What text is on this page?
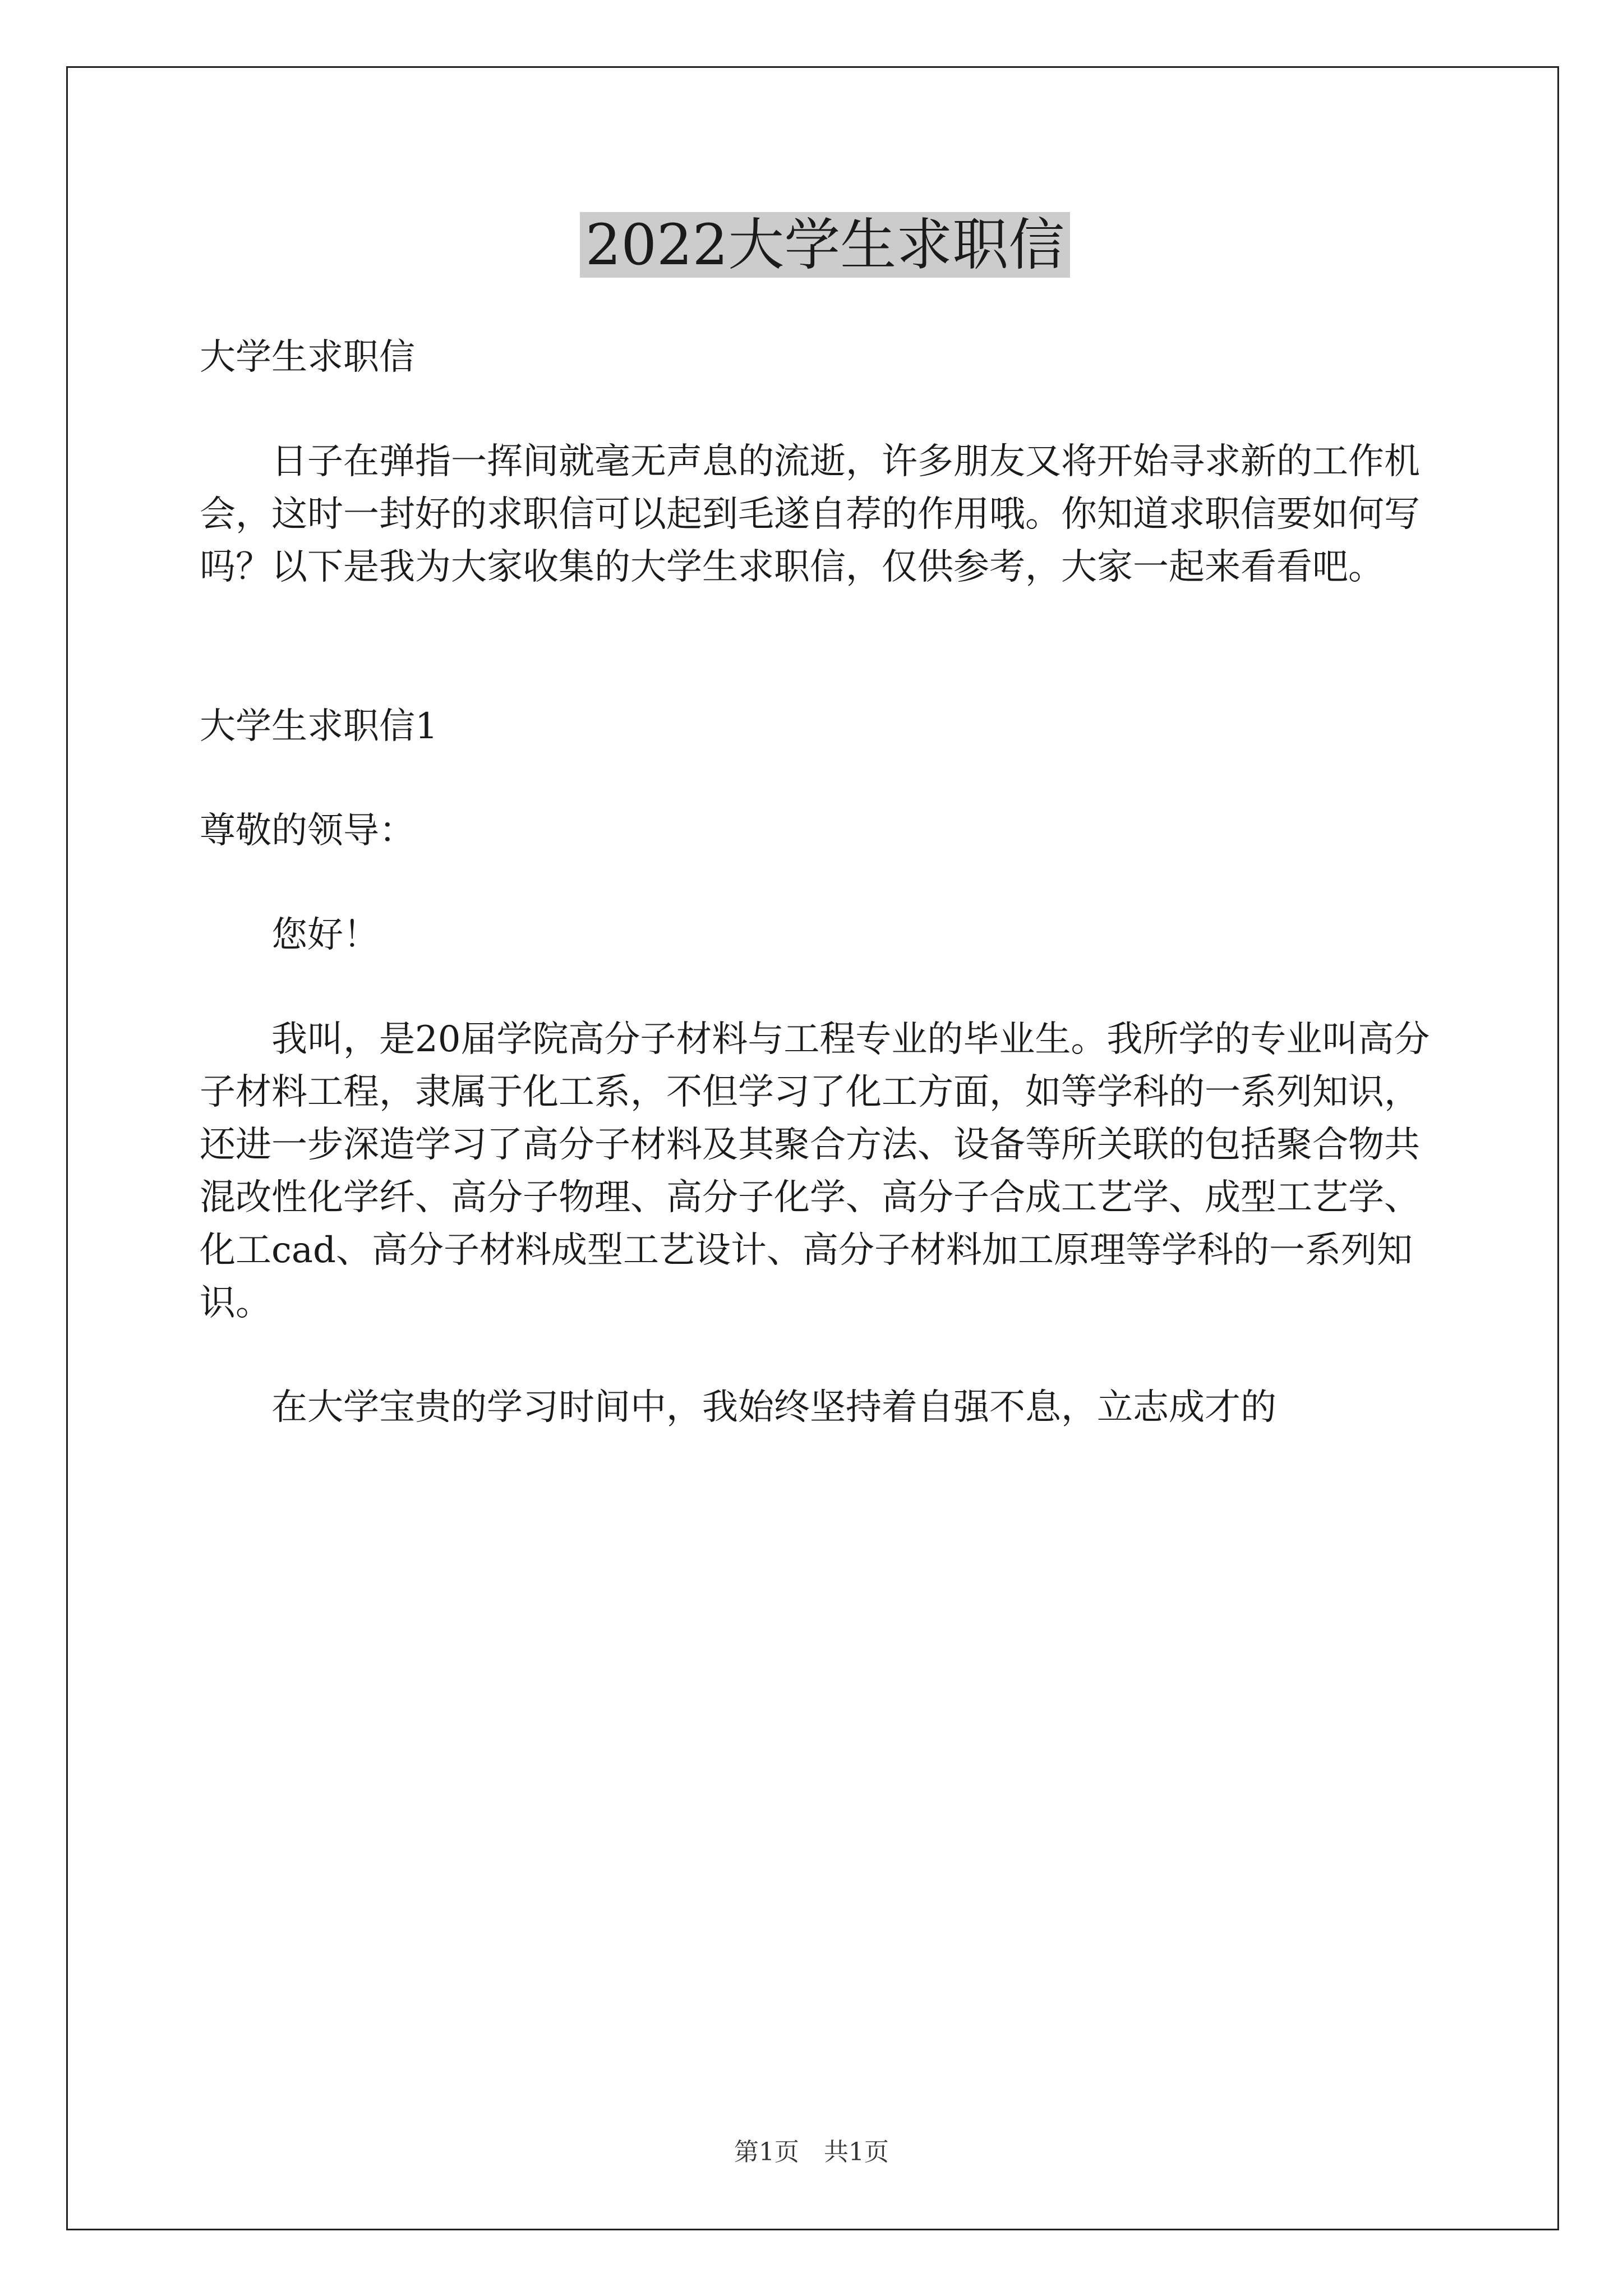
2022大学生求职信

大学生求职信

日子在弹指一挥间就毫无声息的流逝，许多朋友又将开始寻求新的工作机会，这时一封好的求职信可以起到毛遂自荐的作用哦。你知道求职信要如何写吗？以下是我为大家收集的大学生求职信，仅供参考，大家一起来看看吧。

大学生求职信1

尊敬的领导：

您好！

我叫，是20届学院高分子材料与工程专业的毕业生。我所学的专业叫高分子材料工程，隶属于化工系，不但学习了化工方面，如等学科的一系列知识，还进一步深造学习了高分子材料及其聚合方法、设备等所关联的包括聚合物共混改性化学纤、高分子物理、高分子化学、高分子合成工艺学、成型工艺学、化工cad、高分子材料成型工艺设计、高分子材料加工原理等学科的一系列知识。

在大学宝贵的学习时间中，我始终坚持着自强不息，立志成才的

第1页　共1页
